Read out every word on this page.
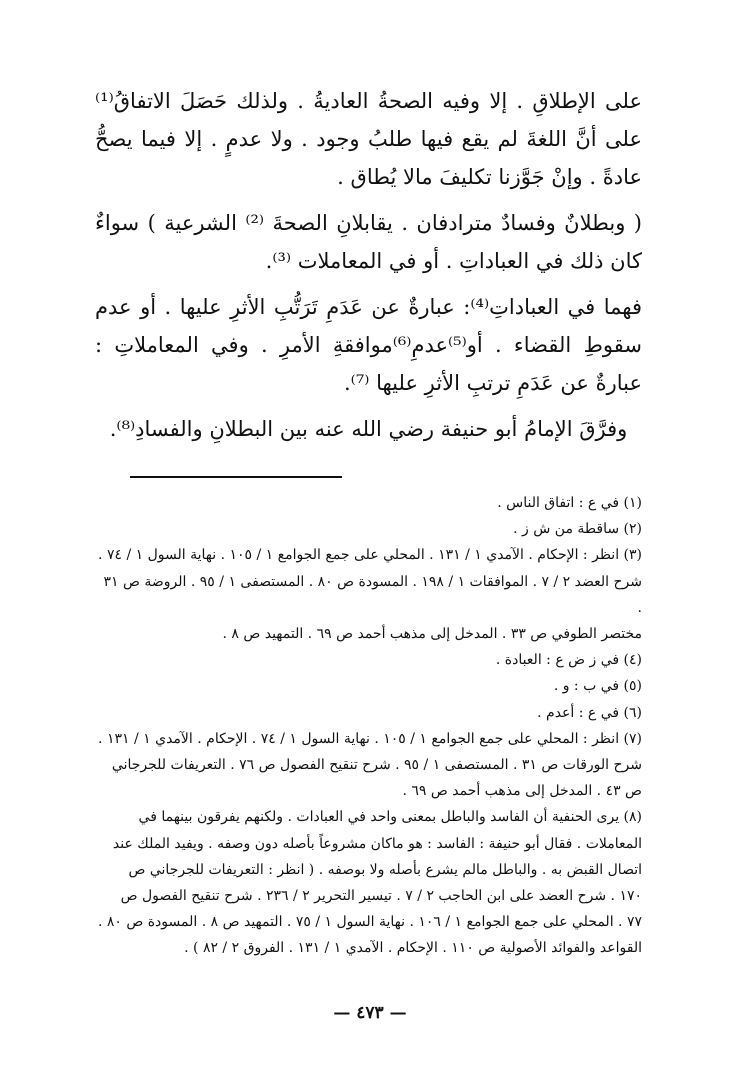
على الإطلاقِ . إلا وفيه الصحةُ العاديةُ . ولذلك حَصَلَ الاتفاقُ⁽¹⁾على أنَّ اللغةَ لم يقع فيها طلبُ وجود . ولا عدمٍ . إلا فيما يصحُّ عادةً . وإنْ جَوَّزنا تكليفَ مالا يُطاق .

( وبطلانٌ وفسادٌ مترادفان . يقابلانِ الصحةَ ⁽²⁾ الشرعية ) سواءٌ كان ذلك في العباداتِ . أو في المعاملات ⁽³⁾.

فهما في العباداتِ⁽⁴⁾: عبارةٌ عن عَدَمِ تَرَتُّبِ الأثرِ عليها . أو عدم سقوطِ القضاء . أو⁽⁵⁾عدمِ⁽⁶⁾موافقةِ الأمرِ . وفي المعاملاتِ : عبارةٌ عن عَدَمِ ترتبِ الأثرِ عليها ⁽⁷⁾.

وفرَّقَ الإمامُ أبو حنيفة رضي الله عنه بين البطلانِ والفسادِ⁽⁸⁾.

(١) في ع : اتفاق الناس .

(٢) ساقطة من ش ز .

(٣) انظر : الإحكام . الآمدي ١ / ١٣١ . المحلي على جمع الجوامع ١ / ١٠٥ . نهاية السول ١ / ٧٤ .

شرح العضد ٢ / ٧ . الموافقات ١ / ١٩٨ . المسودة ص ٨٠ . المستصفى ١ / ٩٥ . الروضة ص ٣١ .

مختصر الطوفي ص ٣٣ . المدخل إلى مذهب أحمد ص ٦٩ . التمهيد ص ٨ .

(٤) في ز ض ع : العبادة .

(٥) في ب : و .

(٦) في ع : أعدم .

(٧) انظر : المحلي على جمع الجوامع ١ / ١٠٥ . نهاية السول ١ / ٧٤ . الإحكام . الآمدي ١ / ١٣١ .

شرح الورقات ص ٣١ . المستصفى ١ / ٩٥ . شرح تنقيح الفصول ص ٧٦ . التعريفات للجرجاني

ص ٤٣ . المدخل إلى مذهب أحمد ص ٦٩ .

(٨) يرى الحنفية أن الفاسد والباطل بمعنى واحد في العبادات . ولكنهم يفرقون بينهما في

المعاملات . فقال أبو حنيفة : الفاسد : هو ماكان مشروعاً بأصله دون وصفه . ويفيد الملك عند

اتصال القبض به . والباطل مالم يشرع بأصله ولا بوصفه . ( انظر : التعريفات للجرجاني ص

١٧٠ . شرح العضد على ابن الحاجب ٢ / ٧ . تيسير التحرير ٢ / ٢٣٦ . شرح تنقيح الفصول ص

٧٧ . المحلي على جمع الجوامع ١ / ١٠٦ . نهاية السول ١ / ٧٥ . التمهيد ص ٨ . المسودة ص ٨٠ .

القواعد والفوائد الأصولية ص ١١٠ . الإحكام . الآمدي ١ / ١٣١ . الفروق ٢ / ٨٢ ) .

— ٤٧٣ —
